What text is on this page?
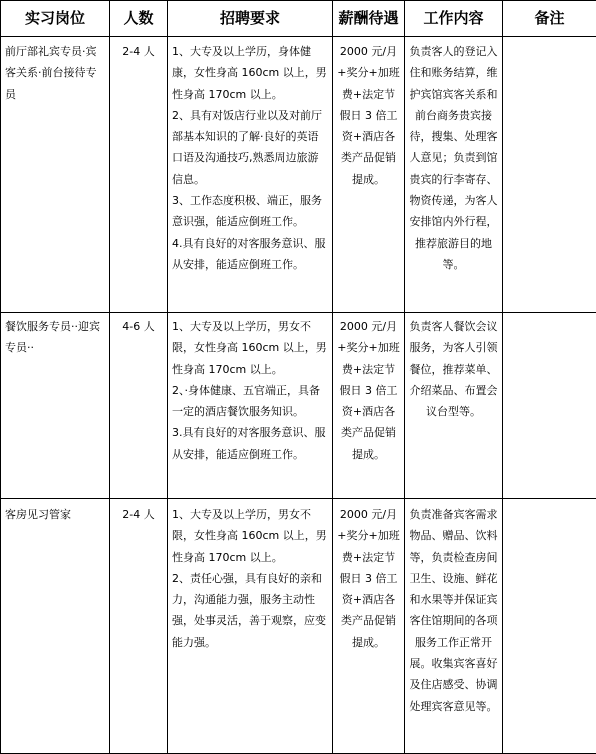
实习岗位	人数	招聘要求	薪酬待遇	工作内容	备注
前厅部礼宾专员·宾客关系·前台接待专员	2-4 人	1、大专及以上学历，身体健康，女性身高 160cm 以上，男性身高 170cm 以上。

2、具有对饭店行业以及对前厅部基本知识的了解·良好的英语口语及沟通技巧,熟悉周边旅游信息。

3、工作态度积极、端正，服务意识强，能适应倒班工作。

4.具有良好的对客服务意识、服从安排，能适应倒班工作。	2000 元/月+奖分+加班费+法定节假日 3 倍工资+酒店各类产品促销提成。	负责客人的登记入住和账务结算，维护宾馆宾客关系和前台商务贵宾接待，搜集、处理客人意见；负责到馆贵宾的行李寄存、物资传递，为客人安排馆内外行程，推荐旅游目的地等。	
餐饮服务专员··迎宾专员··	4-6 人	1、大专及以上学历，男女不限，女性身高 160cm 以上，男性身高 170cm 以上。

2、·身体健康、五官端正，具备一定的酒店餐饮服务知识。

3.具有良好的对客服务意识、服从安排，能适应倒班工作。	2000 元/月+奖分+加班费+法定节假日 3 倍工资+酒店各类产品促销提成。	负责客人餐饮会议服务，为客人引领餐位，推荐菜单、介绍菜品、布置会议台型等。	
客房见习管家	2-4 人	1、大专及以上学历，男女不限，女性身高 160cm 以上，男性身高 170cm 以上。

2、责任心强，具有良好的亲和力，沟通能力强，服务主动性强，处事灵活，善于观察，应变能力强。	2000 元/月+奖分+加班费+法定节假日 3 倍工资+酒店各类产品促销提成。	负责准备宾客需求物品、赠品、饮料等，负责检查房间卫生、设施、鲜花和水果等并保证宾客住馆期间的各项服务工作正常开展。收集宾客喜好及住店感受、协调处理宾客意见等。	
